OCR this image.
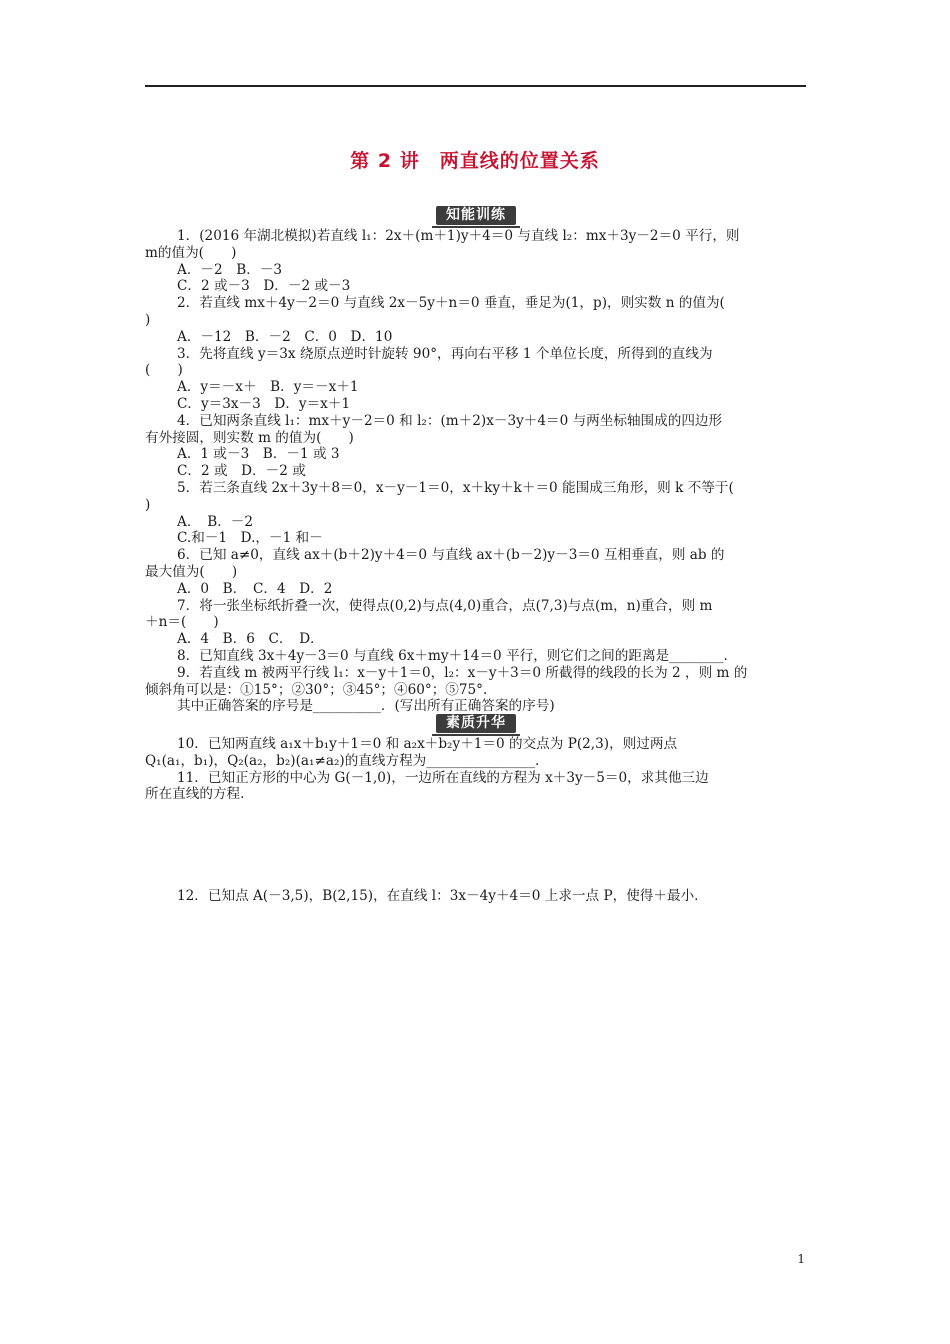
第 2 讲　两直线的位置关系
知能训练
1．(2016 年湖北模拟)若直线 l₁：2x＋(m＋1)y＋4＝0 与直线 l₂：mx＋3y－2＝0 平行，则
m的值为(　　)
A．－2　B．－3
C．2 或－3　D．－2 或－3
2．若直线 mx＋4y－2＝0 与直线 2x－5y＋n＝0 垂直，垂足为(1，p)，则实数 n 的值为(
)
A．－12　B．－2　C．0　D．10
3．先将直线 y＝3x 绕原点逆时针旋转 90°，再向右平移 1 个单位长度，所得到的直线为
(　　)
A．y＝－x＋　B．y＝－x＋1
C．y＝3x－3　D．y＝x＋1
4．已知两条直线 l₁：mx＋y－2＝0 和 l₂：(m＋2)x－3y＋4＝0 与两坐标轴围成的四边形
有外接圆，则实数 m 的值为(　　)
A．1 或－3　B．－1 或 3
C．2 或　D．－2 或
5．若三条直线 2x＋3y＋8＝0，x－y－1＝0，x＋ky＋k＋＝0 能围成三角形，则 k 不等于(
)
A．　B．－2
C.和－1　D.，－1 和－
6．已知 a≠0，直线 ax＋(b＋2)y＋4＝0 与直线 ax＋(b－2)y－3＝0 互相垂直，则 ab 的
最大值为(　　)
A．0　B．　C．4　D．2
7．将一张坐标纸折叠一次，使得点(0,2)与点(4,0)重合，点(7,3)与点(m，n)重合，则 m
＋n＝(　　)
A．4　B．6　C．　D．
8．已知直线 3x＋4y－3＝0 与直线 6x＋my＋14＝0 平行，则它们之间的距离是________.
9．若直线 m 被两平行线 l₁：x－y＋1＝0，l₂：x－y＋3＝0 所截得的线段的长为 2 ，则 m 的
倾斜角可以是：①15°；②30°；③45°；④60°；⑤75°.
其中正确答案的序号是__________．(写出所有正确答案的序号)
素质升华
10．已知两直线 a₁x＋b₁y＋1＝0 和 a₂x＋b₂y＋1＝0 的交点为 P(2,3)，则过两点
Q₁(a₁，b₁)，Q₂(a₂，b₂)(a₁≠a₂)的直线方程为________________.
11．已知正方形的中心为 G(－1,0)，一边所在直线的方程为 x＋3y－5＝0，求其他三边
所在直线的方程.
12．已知点 A(－3,5)，B(2,15)，在直线 l：3x－4y＋4＝0 上求一点 P，使得＋最小.
1
